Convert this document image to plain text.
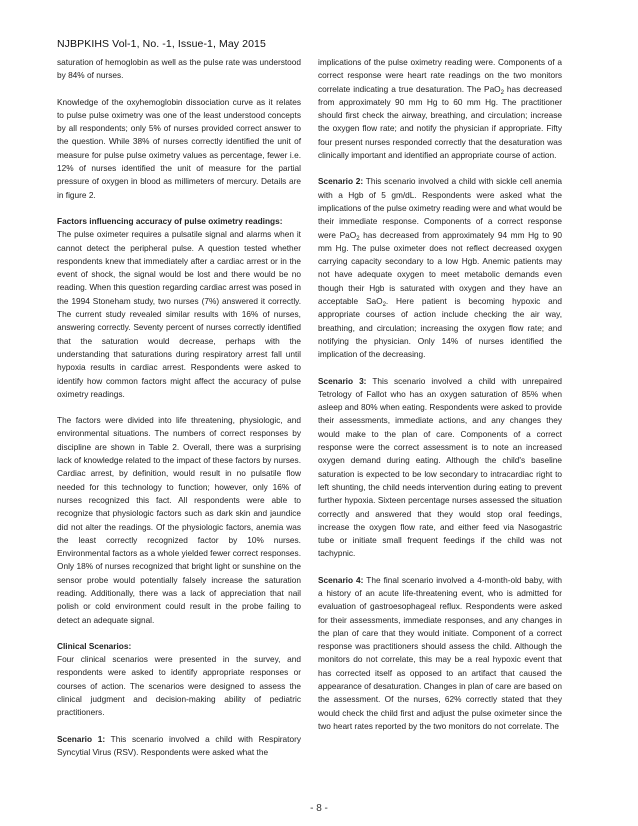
NJBPKIHS Vol-1, No. -1, Issue-1, May 2015

saturation of hemoglobin as well as the pulse rate was understood by 84% of nurses.

Knowledge of the oxyhemoglobin dissociation curve as it relates to pulse pulse oximetry was one of the least understood concepts by all respondents; only 5% of nurses provided correct answer to the question. While 38% of nurses correctly identified the unit of measure for pulse pulse oximetry values as percentage, fewer i.e. 12% of nurses identified the unit of measure for the partial pressure of oxygen in blood as millimeters of mercury. Details are in figure 2.

Factors influencing accuracy of pulse oximetry readings:
The pulse oximeter requires a pulsatile signal and alarms when it cannot detect the peripheral pulse. A question tested whether respondents knew that immediately after a cardiac arrest or in the event of shock, the signal would be lost and there would be no reading. When this question regarding cardiac arrest was posed in the 1994 Stoneham study, two nurses (7%) answered it correctly. The current study revealed similar results with 16% of nurses, answering correctly. Seventy percent of nurses correctly identified that the saturation would decrease, perhaps with the understanding that saturations during respiratory arrest fall until hypoxia results in cardiac arrest. Respondents were asked to identify how common factors might affect the accuracy of pulse oximetry readings.

The factors were divided into life threatening, physiologic, and environmental situations. The numbers of correct responses by discipline are shown in Table 2. Overall, there was a surprising lack of knowledge related to the impact of these factors by nurses. Cardiac arrest, by definition, would result in no pulsatile flow needed for this technology to function; however, only 16% of nurses recognized this fact. All respondents were able to recognize that physiologic factors such as dark skin and jaundice did not alter the readings. Of the physiologic factors, anemia was the least correctly recognized factor by 10% nurses. Environmental factors as a whole yielded fewer correct responses. Only 18% of nurses recognized that bright light or sunshine on the sensor probe would potentially falsely increase the saturation reading. Additionally, there was a lack of appreciation that nail polish or cold environment could result in the probe failing to detect an adequate signal.

Clinical Scenarios:
Four clinical scenarios were presented in the survey, and respondents were asked to identify appropriate responses or courses of action. The scenarios were designed to assess the clinical judgment and decision-making ability of pediatric practitioners.

Scenario 1: This scenario involved a child with Respiratory Syncytial Virus (RSV). Respondents were asked what the

implications of the pulse oximetry reading were. Components of a correct response were heart rate readings on the two monitors correlate indicating a true desaturation. The PaO$_2$ has decreased from approximately 90 mm Hg to 60 mm Hg. The practitioner should first check the airway, breathing, and circulation; increase the oxygen flow rate; and notify the physician if appropriate. Fifty four present nurses responded correctly that the desaturation was clinically important and identified an appropriate course of action.

Scenario 2: This scenario involved a child with sickle cell anemia with a Hgb of 5 gm/dL. Respondents were asked what the implications of the pulse oximetry reading were and what would be their immediate response. Components of a correct response were PaO$_2$ has decreased from approximately 94 mm Hg to 90 mm Hg. The pulse oximeter does not reflect decreased oxygen carrying capacity secondary to a low Hgb. Anemic patients may not have adequate oxygen to meet metabolic demands even though their Hgb is saturated with oxygen and they have an acceptable SaO$_2$. Here patient is becoming hypoxic and appropriate courses of action include checking the air way, breathing, and circulation; increasing the oxygen flow rate; and notifying the physician. Only 14% of nurses identified the implication of the decreasing.

Scenario 3: This scenario involved a child with unrepaired Tetrology of Fallot who has an oxygen saturation of 85% when asleep and 80% when eating. Respondents were asked to provide their assessments, immediate actions, and any changes they would make to the plan of care. Components of a correct response were the correct assessment is to note an increased oxygen demand during eating. Although the child's baseline saturation is expected to be low secondary to intracardiac right to left shunting, the child needs intervention during eating to prevent further hypoxia. Sixteen percentage nurses assessed the situation correctly and answered that they would stop oral feedings, increase the oxygen flow rate, and either feed via Nasogastric tube or initiate small frequent feedings if the child was not tachypnic.

Scenario 4: The final scenario involved a 4-month-old baby, with a history of an acute life-threatening event, who is admitted for evaluation of gastroesophageal reflux. Respondents were asked for their assessments, immediate responses, and any changes in the plan of care that they would initiate. Component of a correct response was practitioners should assess the child. Although the monitors do not correlate, this may be a real hypoxic event that has corrected itself as opposed to an artifact that caused the appearance of desaturation. Changes in plan of care are based on the assessment. Of the nurses, 62% correctly stated that they would check the child first and adjust the pulse oximeter since the two heart rates reported by the two monitors do not correlate. The

- 8 -
